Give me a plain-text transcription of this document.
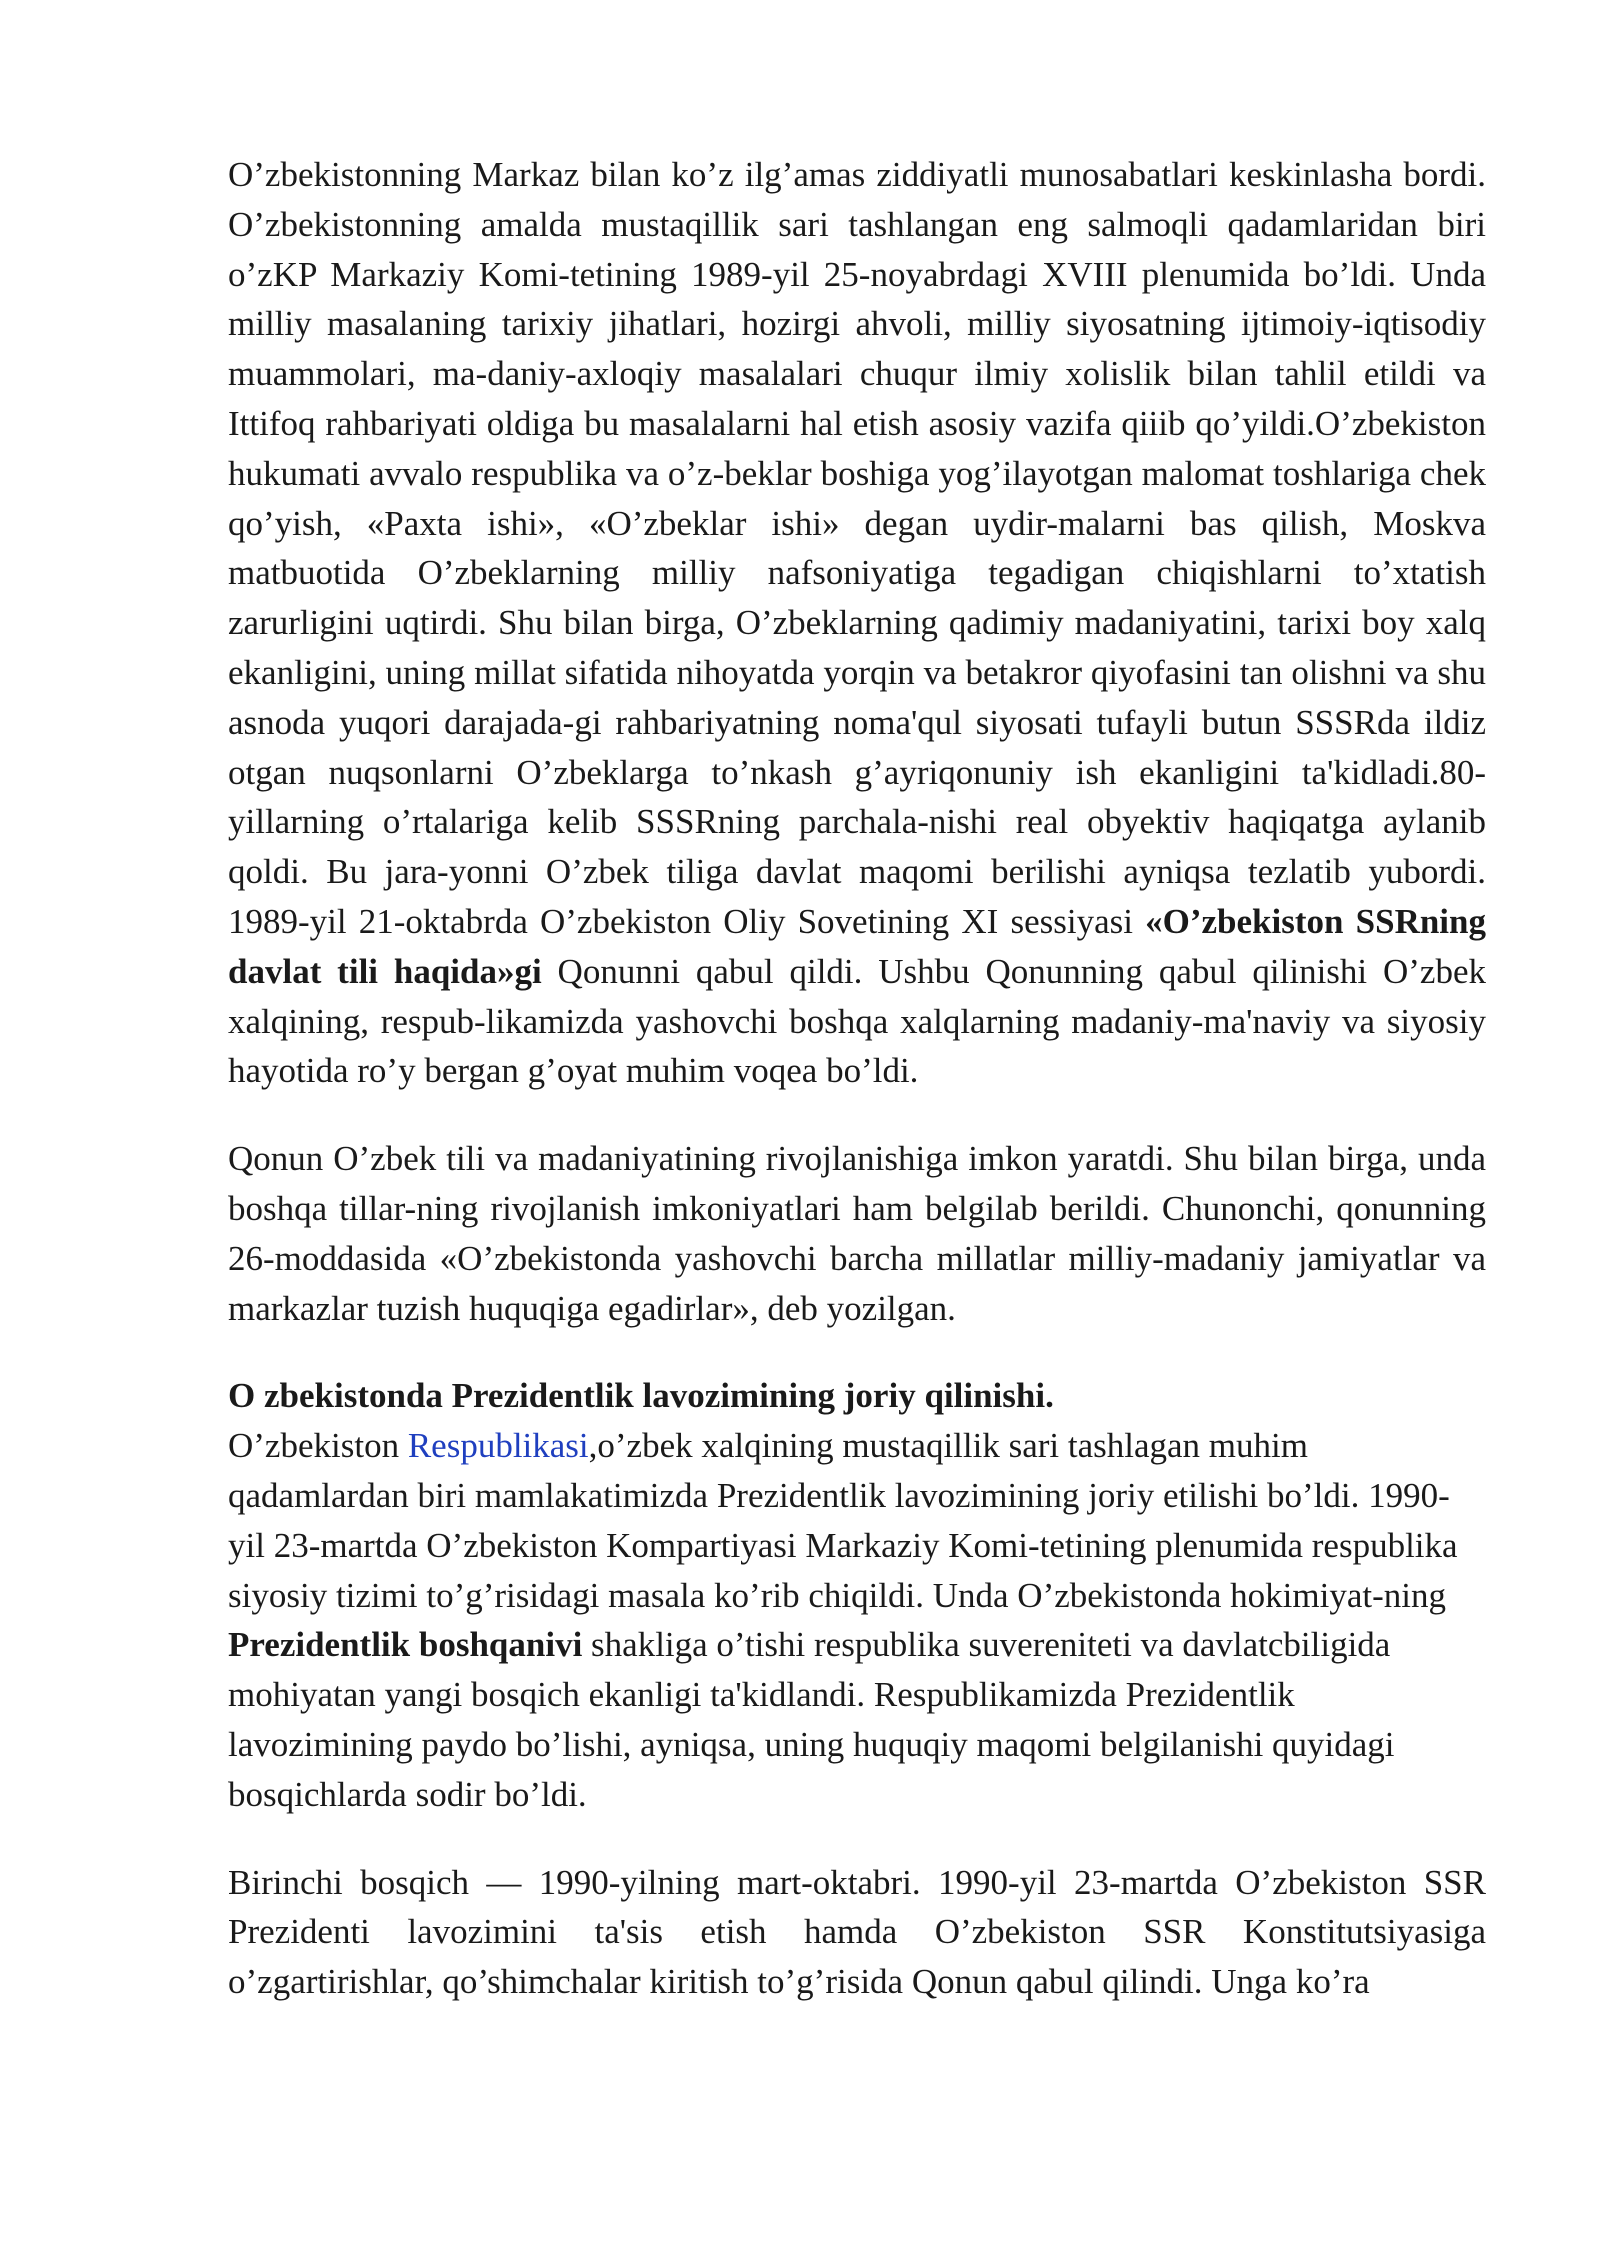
O’zbekistonning Markaz bilan ko’z ilg’amas ziddiyatli munosabatlari keskinlasha bordi. O’zbekistonning amalda mustaqillik sari tashlangan eng salmoqli qadamlaridan biri o’zKP Markaziy Komi-tetining 1989-yil 25-noyabrdagi XVIII plenumida bo’ldi. Unda milliy masalaning tarixiy jihatlari, hozirgi ahvoli, milliy siyosatning ijtimoiy-iqtisodiy muammolari, ma-daniy-axloqiy masalalari chuqur ilmiy xolislik bilan tahlil etildi va Ittifoq rahbariyati oldiga bu masalalarni hal etish asosiy vazifa qiiib qo’yildi.O’zbekiston hukumati avvalo respublika va o’z-beklar boshiga yog’ilayotgan malomat toshlariga chek qo’yish, «Paxta ishi», «O’zbeklar ishi» degan uydir-malarni bas qilish, Moskva matbuotida O’zbeklarning milliy nafsoniyatiga tegadigan chiqishlarni to’xtatish zarurligini uqtirdi. Shu bilan birga, O’zbeklarning qadimiy madaniyatini, tarixi boy xalq ekanligini, uning millat sifatida nihoyatda yorqin va betakror qiyofasini tan olishni va shu asnoda yuqori darajada-gi rahbariyatning noma'qul siyosati tufayli butun SSSRda ildiz otgan nuqsonlarni O’zbeklarga to’nkash g’ayriqonuniy ish ekanligini ta'kidladi.80-yillarning o’rtalariga kelib SSSRning parchala-nishi real obyektiv haqiqatga aylanib qoldi. Bu jara-yonni O’zbek tiliga davlat maqomi berilishi ayniqsa tezlatib yubordi. 1989-yil 21-oktabrda O’zbekiston Oliy Sovetining XI sessiyasi «O’zbekiston SSRning davlat tili haqida»gi Qonunni qabul qildi. Ushbu Qonunning qabul qilinishi O’zbek xalqining, respub-likamizda yashovchi boshqa xalqlarning madaniy-ma'naviy va siyosiy hayotida ro’y bergan g’oyat muhim voqea bo’ldi.

Qonun O’zbek tili va madaniyatining rivojlanishiga imkon yaratdi. Shu bilan birga, unda boshqa tillar-ning rivojlanish imkoniyatlari ham belgilab berildi. Chunonchi, qonunning 26-moddasida «O’zbekistonda yashovchi barcha millatlar milliy-madaniy jamiyatlar va markazlar tuzish huquqiga egadirlar», deb yozilgan.

O zbekistonda Prezidentlik lavozimining joriy qilinishi.

O’zbekiston Respublikasi,o’zbek xalqining mustaqillik sari tashlagan muhim qadamlardan biri mamlakatimizda Prezidentlik lavozimining joriy etilishi bo’ldi. 1990-yil 23-martda O’zbekiston Kompartiyasi Markaziy Komi-tetining plenumida respublika siyosiy tizimi to’g’risidagi masala ko’rib chiqildi. Unda O’zbekistonda hokimiyat-ning Prezidentlik boshqanivi shakliga o’tishi respublika suvereniteti va davlatcbiligida mohiyatan yangi bosqich ekanligi ta'kidlandi. Respublikamizda Prezidentlik lavozimining paydo bo’lishi, ayniqsa, uning huquqiy maqomi belgilanishi quyidagi bosqichlarda sodir bo’ldi.

Birinchi bosqich — 1990-yilning mart-oktabri. 1990-yil 23-martda O’zbekiston SSR Prezidenti lavozimini ta'sis etish hamda O’zbekiston SSR Konstitutsiyasiga o’zgartirishlar, qo’shimchalar kiritish to’g’risida Qonun qabul qilindi. Unga ko’ra
